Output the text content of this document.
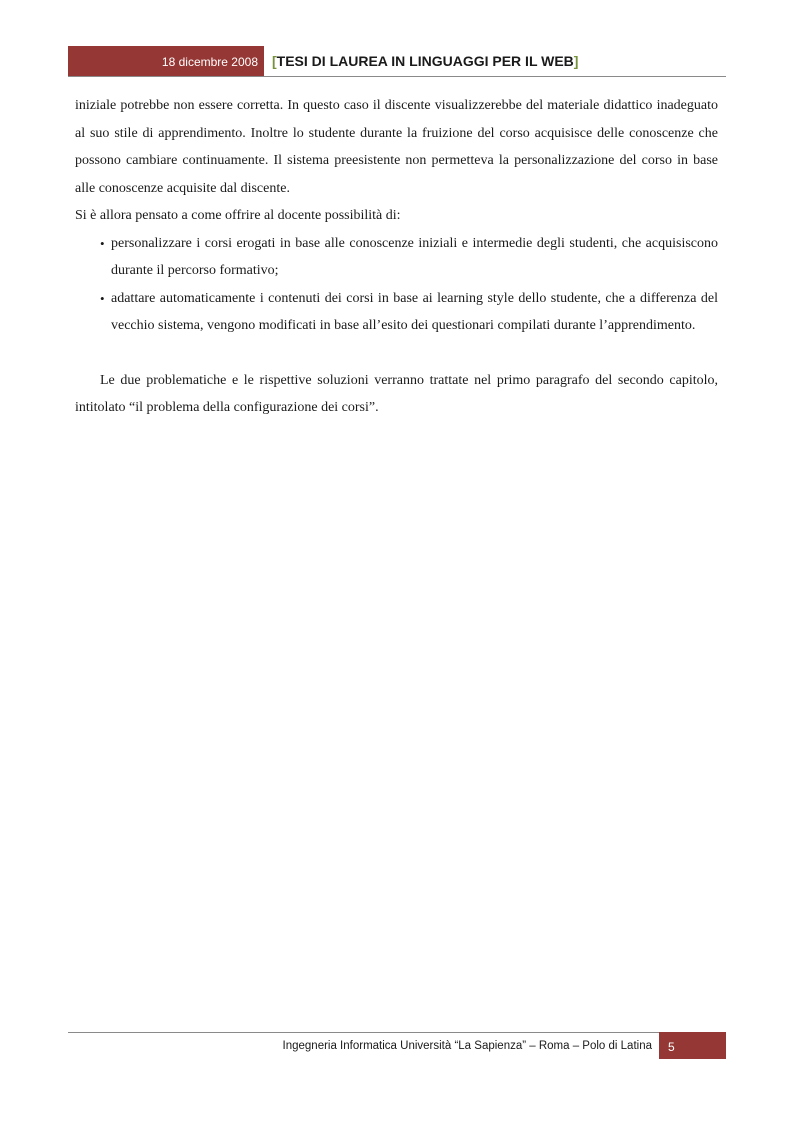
18 dicembre 2008 [TESI DI LAUREA IN LINGUAGGI PER IL WEB]

iniziale potrebbe non essere corretta. In questo caso il discente visualizzerebbe del materiale didattico inadeguato al suo stile di apprendimento. Inoltre lo studente durante la fruizione del corso acquisisce delle conoscenze che possono cambiare continuamente. Il sistema preesistente non permetteva la personalizzazione del corso in base alle conoscenze acquisite dal discente.

Si è allora pensato a come offrire al docente possibilità di:

• personalizzare i corsi erogati in base alle conoscenze iniziali e intermedie degli studenti, che acquisiscono durante il percorso formativo;
• adattare automaticamente i contenuti dei corsi in base ai learning style dello studente, che a differenza del vecchio sistema, vengono modificati in base all’esito dei questionari compilati durante l’apprendimento.

Le due problematiche e le rispettive soluzioni verranno trattate nel primo paragrafo del secondo capitolo, intitolato “il problema della configurazione dei corsi”.

Ingegneria Informatica Università “La Sapienza” – Roma – Polo di Latina 5
